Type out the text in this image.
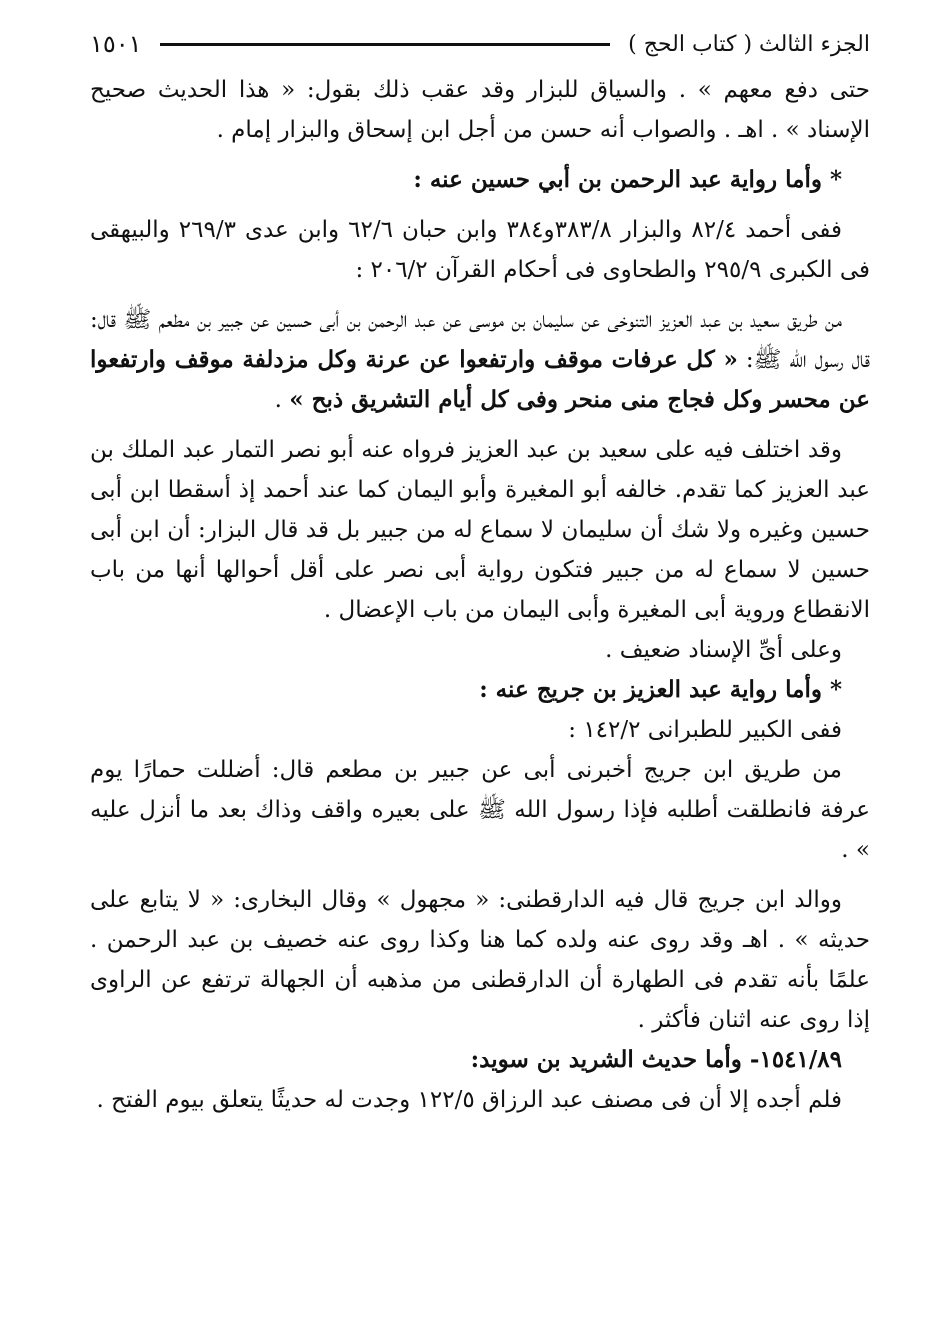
الجزء الثالث ( كتاب الحج )
١٥٠١

حتى دفع معهم » . والسياق للبزار وقد عقب ذلك بقول: « هذا الحديث صحيح الإسناد » . اهـ . والصواب أنه حسن من أجل ابن إسحاق والبزار إمام .

* وأما رواية عبد الرحمن بن أبي حسين عنه :

ففى أحمد ٨٢/٤ والبزار ٣٨٣/٨و٣٨٤ وابن حبان ٦٢/٦ وابن عدى ٢٦٩/٣ والبيهقى فى الكبرى ٢٩٥/٩ والطحاوى فى أحكام القرآن ٢٠٦/٢ :

من طريق سعيد بن عبد العزيز التنوخى عن سليمان بن موسى عن عبد الرحمن بن أبى حسين عن جبير بن مطعم ﷺ قال: قال رسول الله ﷺ: « كل عرفات موقف وارتفعوا عن عرنة وكل مزدلفة موقف وارتفعوا عن محسر وكل فجاج منى منحر وفى كل أيام التشريق ذبح » .

وقد اختلف فيه على سعيد بن عبد العزيز فرواه عنه أبو نصر التمار عبد الملك بن عبد العزيز كما تقدم. خالفه أبو المغيرة وأبو اليمان كما عند أحمد إذ أسقطا ابن أبى حسين وغيره ولا شك أن سليمان لا سماع له من جبير بل قد قال البزار: أن ابن أبى حسين لا سماع له من جبير فتكون رواية أبى نصر على أقل أحوالها أنها من باب الانقطاع وروية أبى المغيرة وأبى اليمان من باب الإعضال .

وعلى أىِّ الإسناد ضعيف .

* وأما رواية عبد العزيز بن جريج عنه :

ففى الكبير للطبرانى ١٤٢/٢ :

من طريق ابن جريج أخبرنى أبى عن جبير بن مطعم قال: أضللت حمارًا يوم عرفة فانطلقت أطلبه فإذا رسول الله ﷺ على بعيره واقف وذاك بعد ما أنزل عليه » .

ووالد ابن جريج قال فيه الدارقطنى: « مجهول » وقال البخارى: « لا يتابع على حديثه » . اهـ وقد روى عنه ولده كما هنا وكذا روى عنه خصيف بن عبد الرحمن . علمًا بأنه تقدم فى الطهارة أن الدارقطنى من مذهبه أن الجهالة ترتفع عن الراوى إذا روى عنه اثنان فأكثر .

١٥٤١/٨٩- وأما حديث الشريد بن سويد:

فلم أجده إلا أن فى مصنف عبد الرزاق ١٢٢/٥ وجدت له حديثًا يتعلق بيوم الفتح .
